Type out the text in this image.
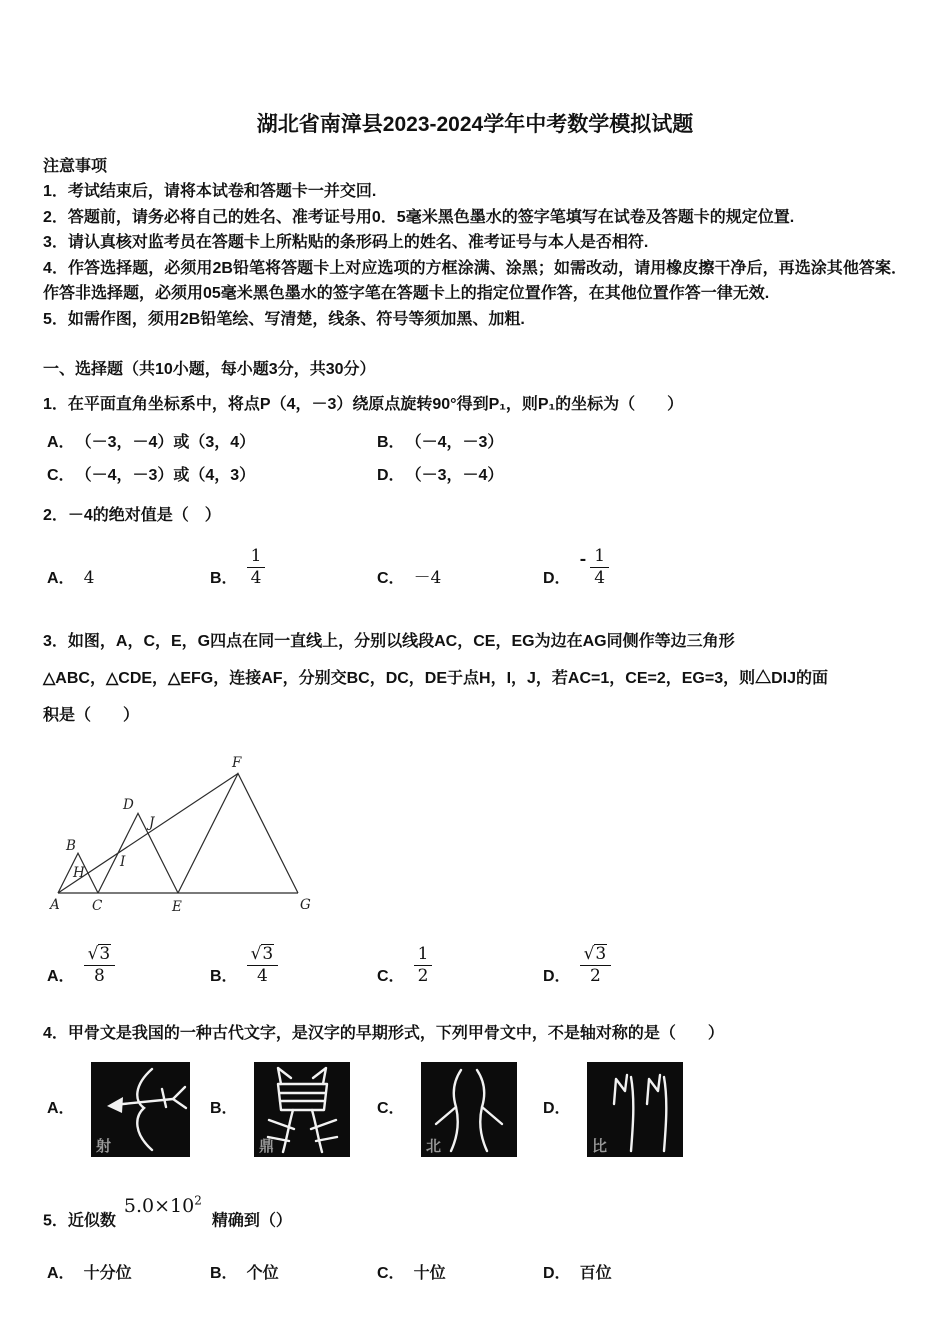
湖北省南漳县2023-2024学年中考数学模拟试题
注意事项

1．考试结束后，请将本试卷和答题卡一并交回.

2．答题前，请务必将自己的姓名、准考证号用0．5毫米黑色墨水的签字笔填写在试卷及答题卡的规定位置.

3．请认真核对监考员在答题卡上所粘贴的条形码上的姓名、准考证号与本人是否相符.

4．作答选择题，必须用2B铅笔将答题卡上对应选项的方框涂满、涂黑；如需改动，请用橡皮擦干净后，再选涂其他答案．作答非选择题，必须用05毫米黑色墨水的签字笔在答题卡上的指定位置作答，在其他位置作答一律无效.

5．如需作图，须用2B铅笔绘、写清楚，线条、符号等须加黑、加粗.

一、选择题（共10小题，每小题3分，共30分）
1．在平面直角坐标系中，将点P（4，－3）绕原点旋转90°得到P₁，则P₁的坐标为（　　）
A． （－3，－4）或（3，4）	B． （－4，－3）
C． （－4，－3）或（4，3）	D． （－3，－4）
2．－4的绝对值是（　）
A． 4	B． $\frac{1}{4}$	C． －4	D．
- $\frac{1}{4}$
3．如图，A，C，E，G四点在同一直线上，分别以线段AC，CE，EG为边在AG同侧作等边三角形
△ABC，△CDE，△EFG，连接AF，分别交BC，DC，DE于点H，I，J，若AC=1，CE=2，EG=3，则△DIJ的面
积是（　　）
A
B
C
D
E
F
G
H
I
J
A． $\frac{√ 3}{8}$	B． $\frac{√ 3}{4}$	C． $\frac{1}{2}$	D． $\frac{√ 3}{2}$
4．甲骨文是我国的一种古代文字，是汉字的早期形式，下列甲骨文中，不是轴对称的是（　　）
A．
射
B．
鼎
C．
北
D．
比
5．近似数$5.0\times 10^2$精确到（）
A． 十分位	B． 个位	C． 十位	D． 百位
